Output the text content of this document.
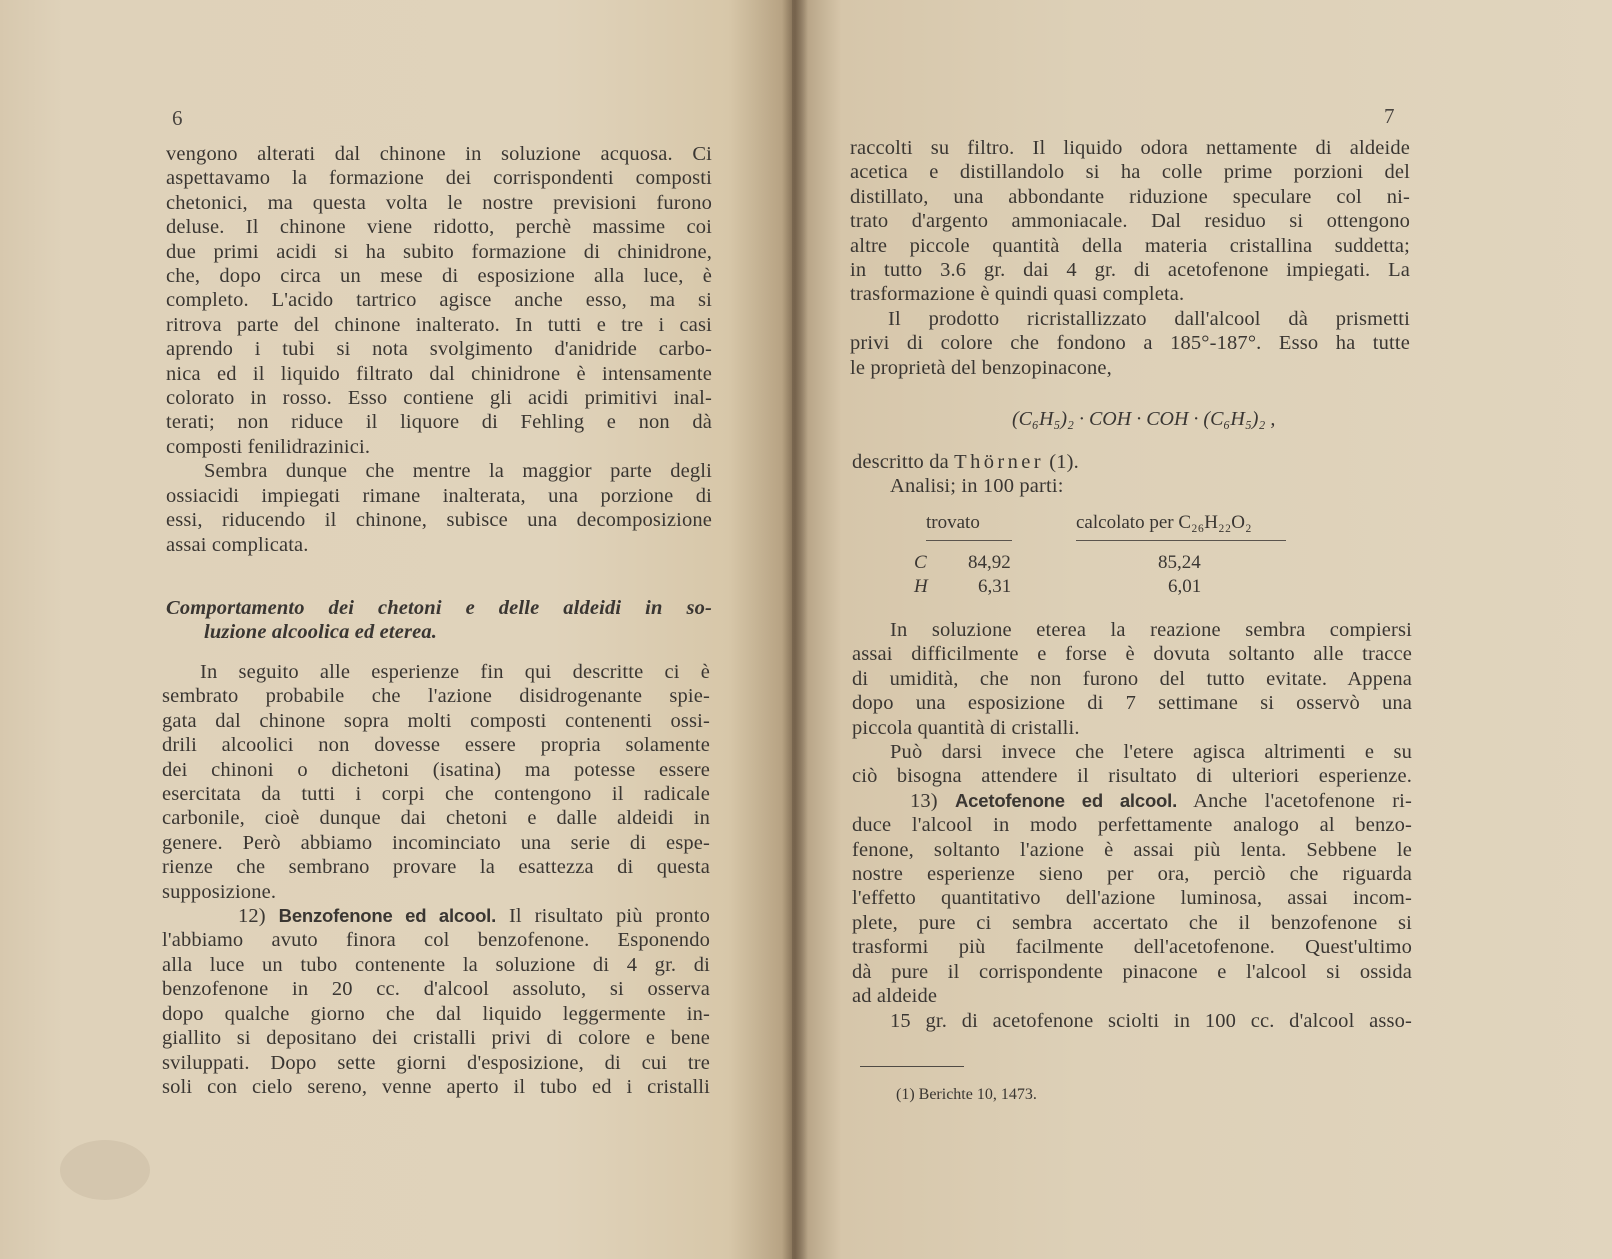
6
vengono alterati dal chinone in soluzione acquosa. Ci
aspettavamo la formazione dei corrispondenti composti
chetonici, ma questa volta le nostre previsioni furono
deluse. Il chinone viene ridotto, perchè massime coi
due primi acidi si ha subito formazione di chinidrone,
che, dopo circa un mese di esposizione alla luce, è
completo. L'acido tartrico agisce anche esso, ma si
ritrova parte del chinone inalterato. In tutti e tre i casi
aprendo i tubi si nota svolgimento d'anidride carbo-
nica ed il liquido filtrato dal chinidrone è intensamente
colorato in rosso. Esso contiene gli acidi primitivi inal-
terati; non riduce il liquore di Fehling e non dà
composti fenilidrazinici.
Sembra dunque che mentre la maggior parte degli
ossiacidi impiegati rimane inalterata, una porzione di
essi, riducendo il chinone, subisce una decomposizione
assai complicata.
Comportamento dei chetoni e delle aldeidi in so-
luzione alcoolica ed eterea.
In seguito alle esperienze fin qui descritte ci è
sembrato probabile che l'azione disidrogenante spie-
gata dal chinone sopra molti composti contenenti ossi-
drili alcoolici non dovesse essere propria solamente
dei chinoni o dichetoni (isatina) ma potesse essere
esercitata da tutti i corpi che contengono il radicale
carbonile, cioè dunque dai chetoni e dalle aldeidi in
genere. Però abbiamo incominciato una serie di espe-
rienze che sembrano provare la esattezza di questa
supposizione.
12) Benzofenone ed alcool. Il risultato più pronto
l'abbiamo avuto finora col benzofenone. Esponendo
alla luce un tubo contenente la soluzione di 4 gr. di
benzofenone in 20 cc. d'alcool assoluto, si osserva
dopo qualche giorno che dal liquido leggermente in-
giallito si depositano dei cristalli privi di colore e bene
sviluppati. Dopo sette giorni d'esposizione, di cui tre
soli con cielo sereno, venne aperto il tubo ed i cristalli
7
raccolti su filtro. Il liquido odora nettamente di aldeide
acetica e distillandolo si ha colle prime porzioni del
distillato, una abbondante riduzione speculare col ni-
trato d'argento ammoniacale. Dal residuo si ottengono
altre piccole quantità della materia cristallina suddetta;
in tutto 3.6 gr. dai 4 gr. di acetofenone impiegati. La
trasformazione è quindi quasi completa.
Il prodotto ricristallizzato dall'alcool dà prismetti
privi di colore che fondono a 185°-187°. Esso ha tutte
le proprietà del benzopinacone,
(C₆H₅)₂ · COH · COH · (C₆H₅)₂ ,
descritto da Thörner (1).
Analisi; in 100 parti:
trovato	calcolato per C₂₆H₂₂O₂
C 84,92	85,24
H	6,31	6,01
In soluzione eterea la reazione sembra compiersi
assai difficilmente e forse è dovuta soltanto alle tracce
di umidità, che non furono del tutto evitate. Appena
dopo una esposizione di 7 settimane si osservò una
piccola quantità di cristalli.
Può darsi invece che l'etere agisca altrimenti e su
ciò bisogna attendere il risultato di ulteriori esperienze.
13) Acetofenone ed alcool. Anche l'acetofenone ri-
duce l'alcool in modo perfettamente analogo al benzo-
fenone, soltanto l'azione è assai più lenta. Sebbene le
nostre esperienze sieno per ora, perciò che riguarda
l'effetto quantitativo dell'azione luminosa, assai incom-
plete, pure ci sembra accertato che il benzofenone si
trasformi più facilmente dell'acetofenone. Quest'ultimo
dà pure il corrispondente pinacone e l'alcool si ossida
ad aldeide
15 gr. di acetofenone sciolti in 100 cc. d'alcool asso-
(1) Berichte 10, 1473.
